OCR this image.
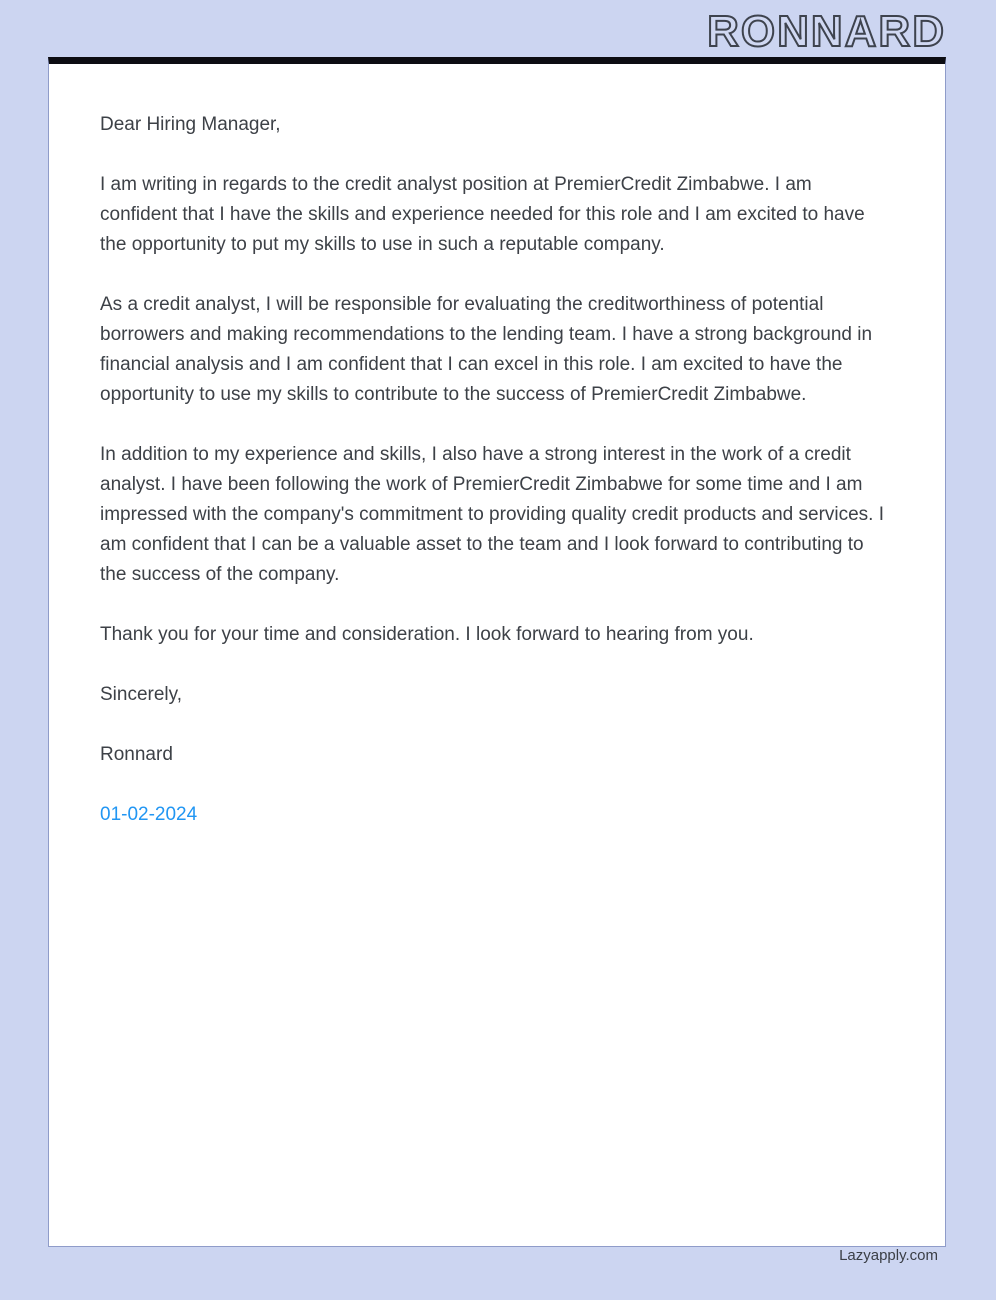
RONNARD

Dear Hiring Manager,

I am writing in regards to the credit analyst position at PremierCredit Zimbabwe. I am confident that I have the skills and experience needed for this role and I am excited to have the opportunity to put my skills to use in such a reputable company.

As a credit analyst, I will be responsible for evaluating the creditworthiness of potential borrowers and making recommendations to the lending team. I have a strong background in financial analysis and I am confident that I can excel in this role. I am excited to have the opportunity to use my skills to contribute to the success of PremierCredit Zimbabwe.

In addition to my experience and skills, I also have a strong interest in the work of a credit analyst. I have been following the work of PremierCredit Zimbabwe for some time and I am impressed with the company's commitment to providing quality credit products and services. I am confident that I can be a valuable asset to the team and I look forward to contributing to the success of the company.

Thank you for your time and consideration. I look forward to hearing from you.

Sincerely,

Ronnard

01-02-2024

Lazyapply.com
